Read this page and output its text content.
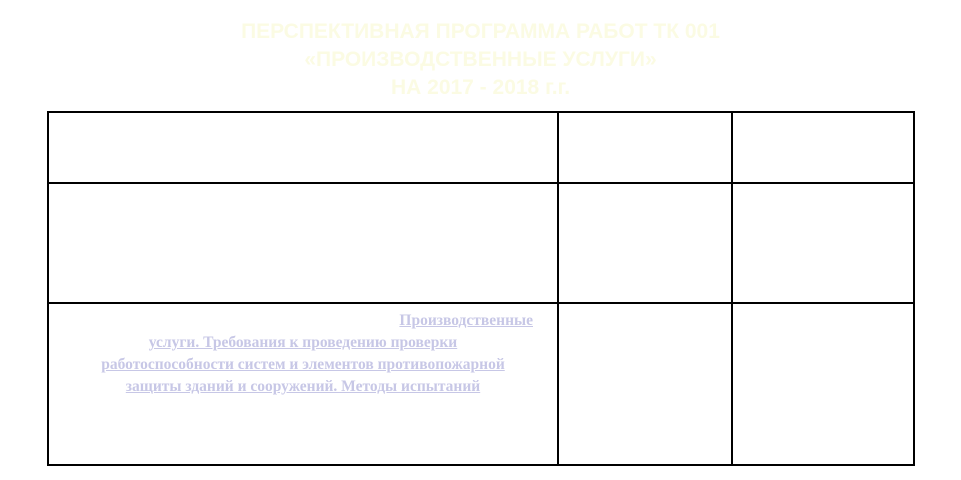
ПЕРСПЕКТИВНАЯ ПРОГРАММА РАБОТ ТК 001
«ПРОИЗВОДСТВЕННЫЕ УСЛУГИ»
НА 2017 - 2018 г.г.

Производственные
услуги. Требования к проведению проверки
работоспособности систем и элементов противопожарной
защиты зданий и сооружений. Методы испытаний		
